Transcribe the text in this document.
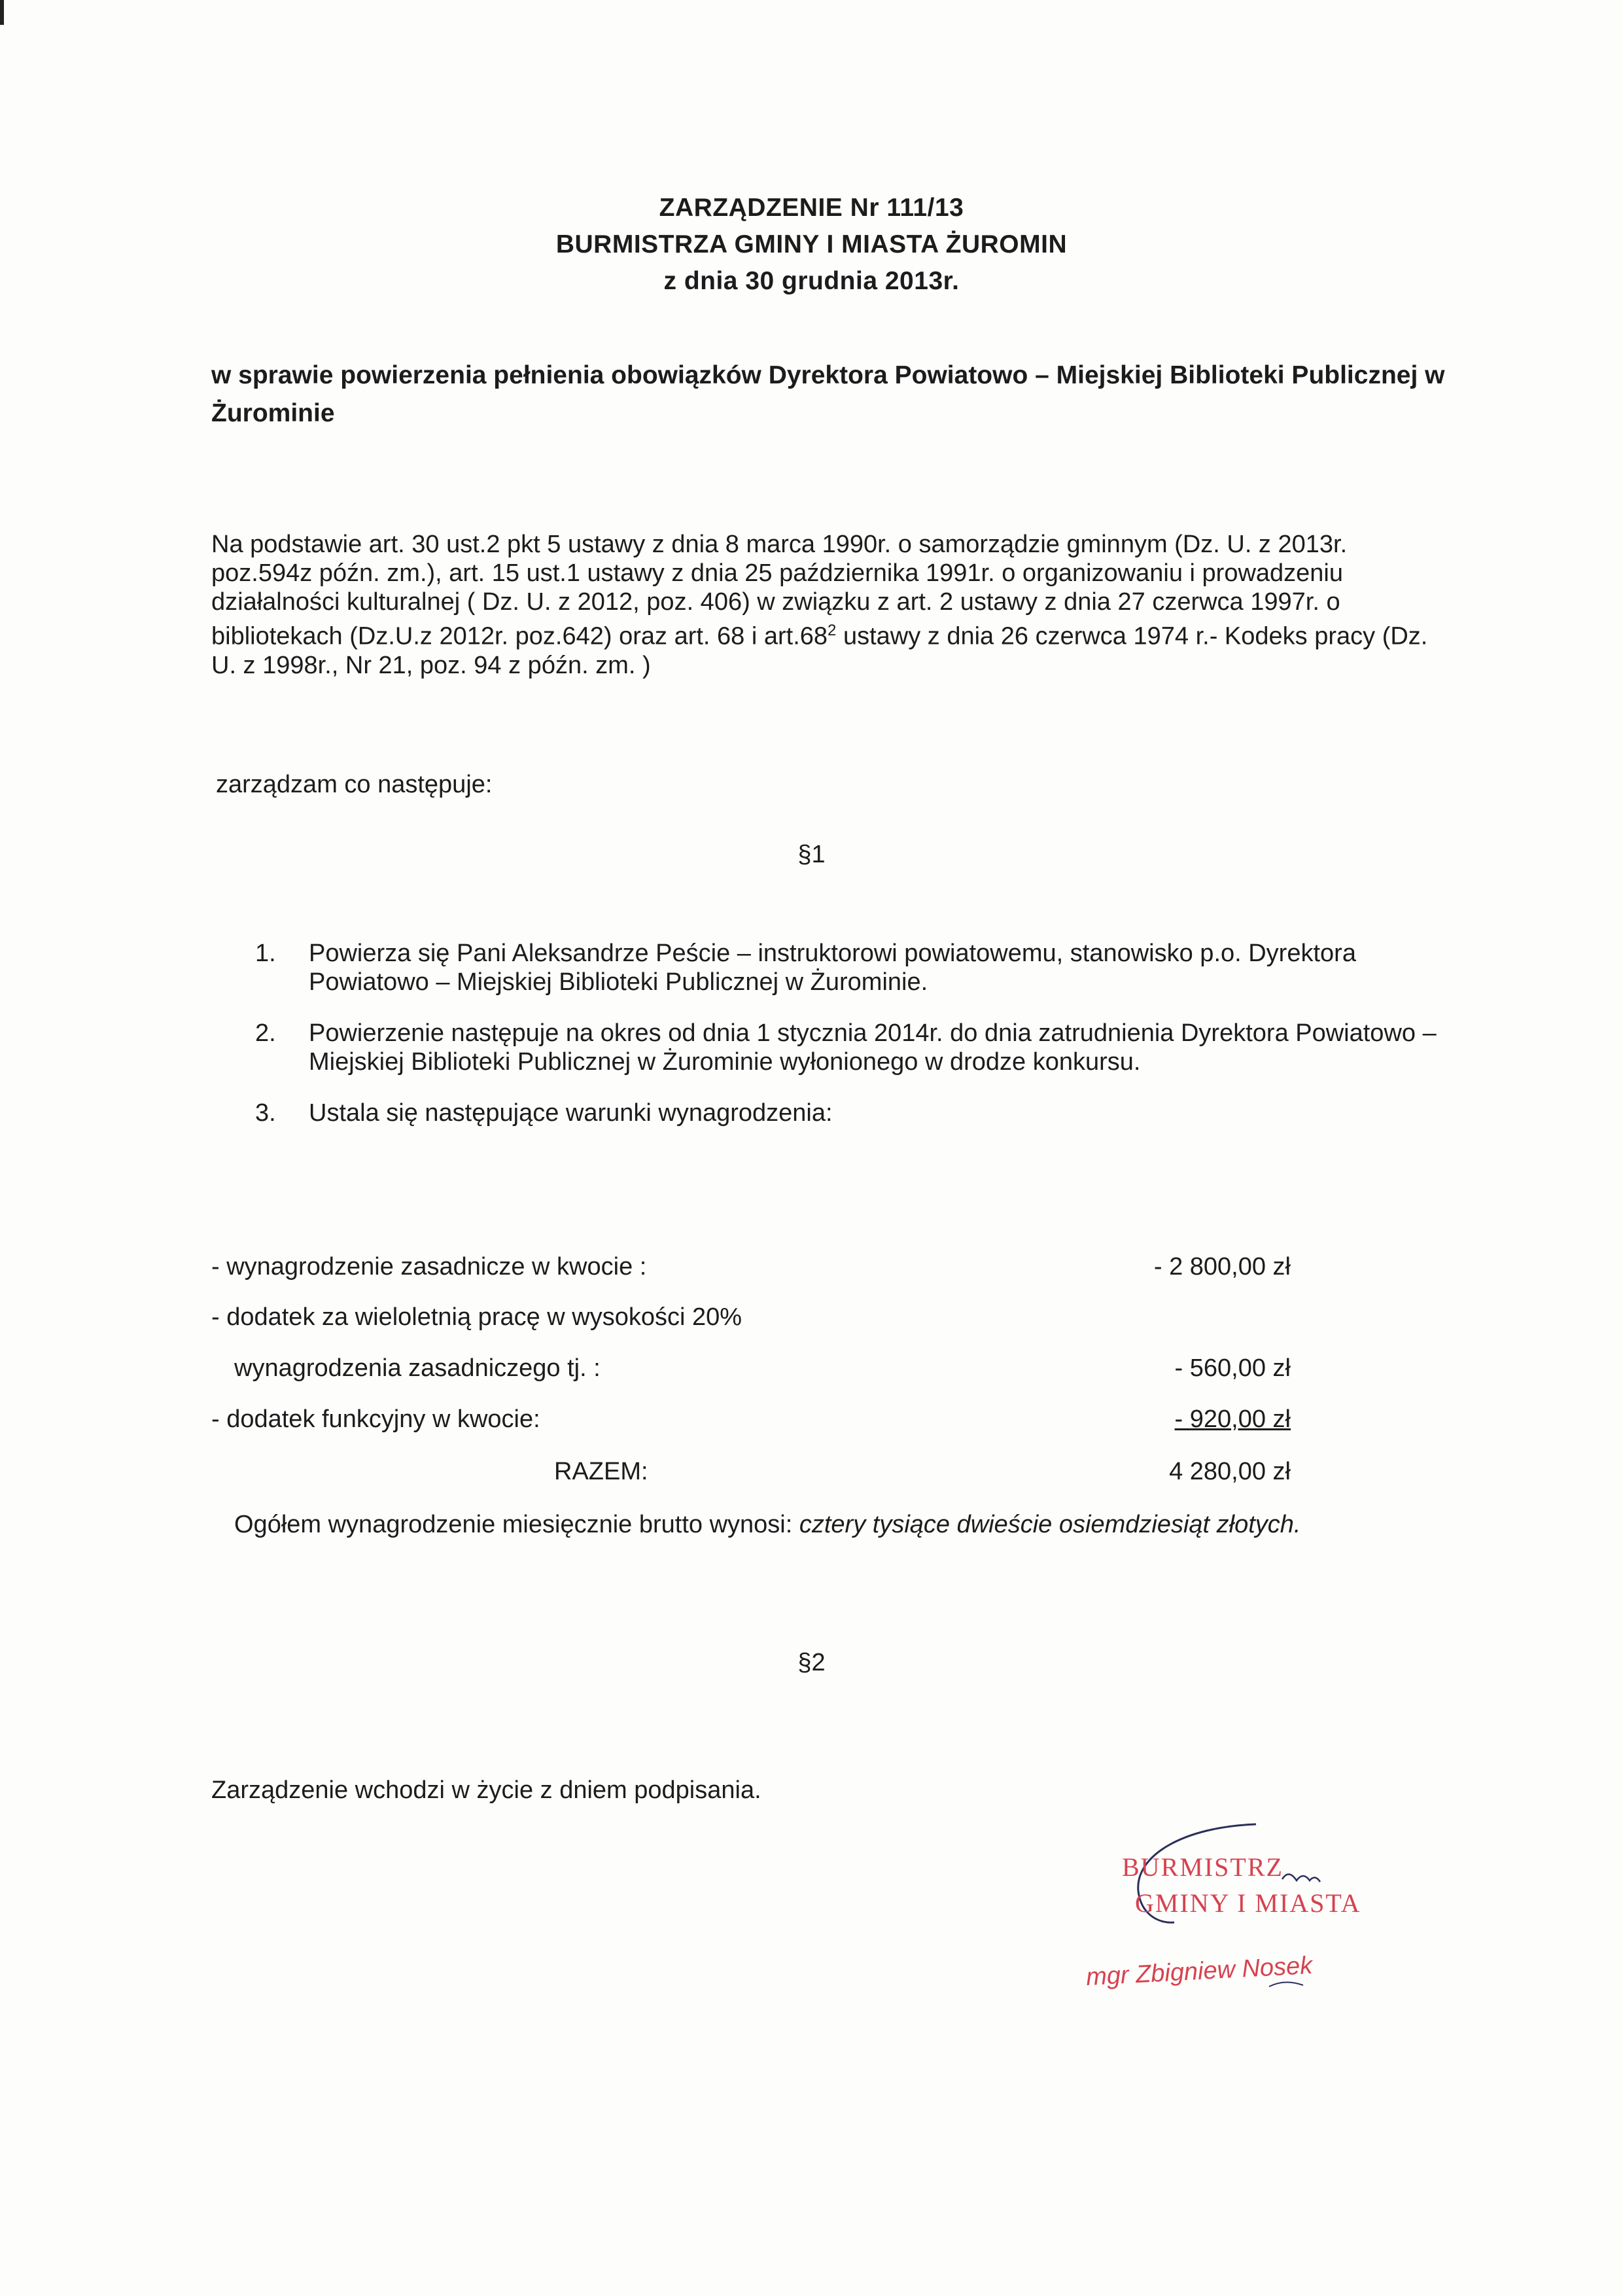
ZARZĄDZENIE Nr 111/13

BURMISTRZA GMINY I MIASTA ŻUROMIN

z dnia 30 grudnia 2013r.

w sprawie powierzenia pełnienia obowiązków Dyrektora Powiatowo – Miejskiej Biblioteki Publicznej w Żurominie

Na podstawie art. 30 ust.2 pkt 5 ustawy z dnia 8 marca 1990r. o samorządzie gminnym (Dz. U. z 2013r. poz.594z późn. zm.), art. 15 ust.1 ustawy z dnia 25 października 1991r. o organizowaniu i prowadzeniu działalności kulturalnej ( Dz. U. z 2012, poz. 406) w związku z art. 2 ustawy z dnia 27 czerwca 1997r. o bibliotekach (Dz.U.z 2012r. poz.642) oraz art. 68 i $art.68^2$ ustawy z dnia 26 czerwca 1974 r.- Kodeks pracy (Dz. U. z 1998r., Nr 21, poz. 94 z późn. zm. )

zarządzam co następuje:

§1

1. Powierza się Pani Aleksandrze Peście – instruktorowi powiatowemu, stanowisko p.o. Dyrektora Powiatowo – Miejskiej Biblioteki Publicznej w Żurominie.
2. Powierzenie następuje na okres od dnia 1 stycznia 2014r. do dnia zatrudnienia Dyrektora Powiatowo – Miejskiej Biblioteki Publicznej w Żurominie wyłonionego w drodze konkursu.
3. Ustala się następujące warunki wynagrodzenia:
- wynagrodzenie zasadnicze w kwocie :	- 2 800,00 zł
- dodatek za wieloletnią pracę w wysokości 20%
wynagrodzenia zasadniczego tj. :	- 560,00 zł
- dodatek funkcyjny w kwocie:	- 920,00 zł
RAZEM:	4 280,00 zł

Ogółem wynagrodzenie miesięcznie brutto wynosi: cztery tysiące dwieście osiemdziesiąt złotych.

§2

Zarządzenie wchodzi w życie z dniem podpisania.

BURMISTRZ
GMINY I MIASTA
mgr Zbigniew Nosek
